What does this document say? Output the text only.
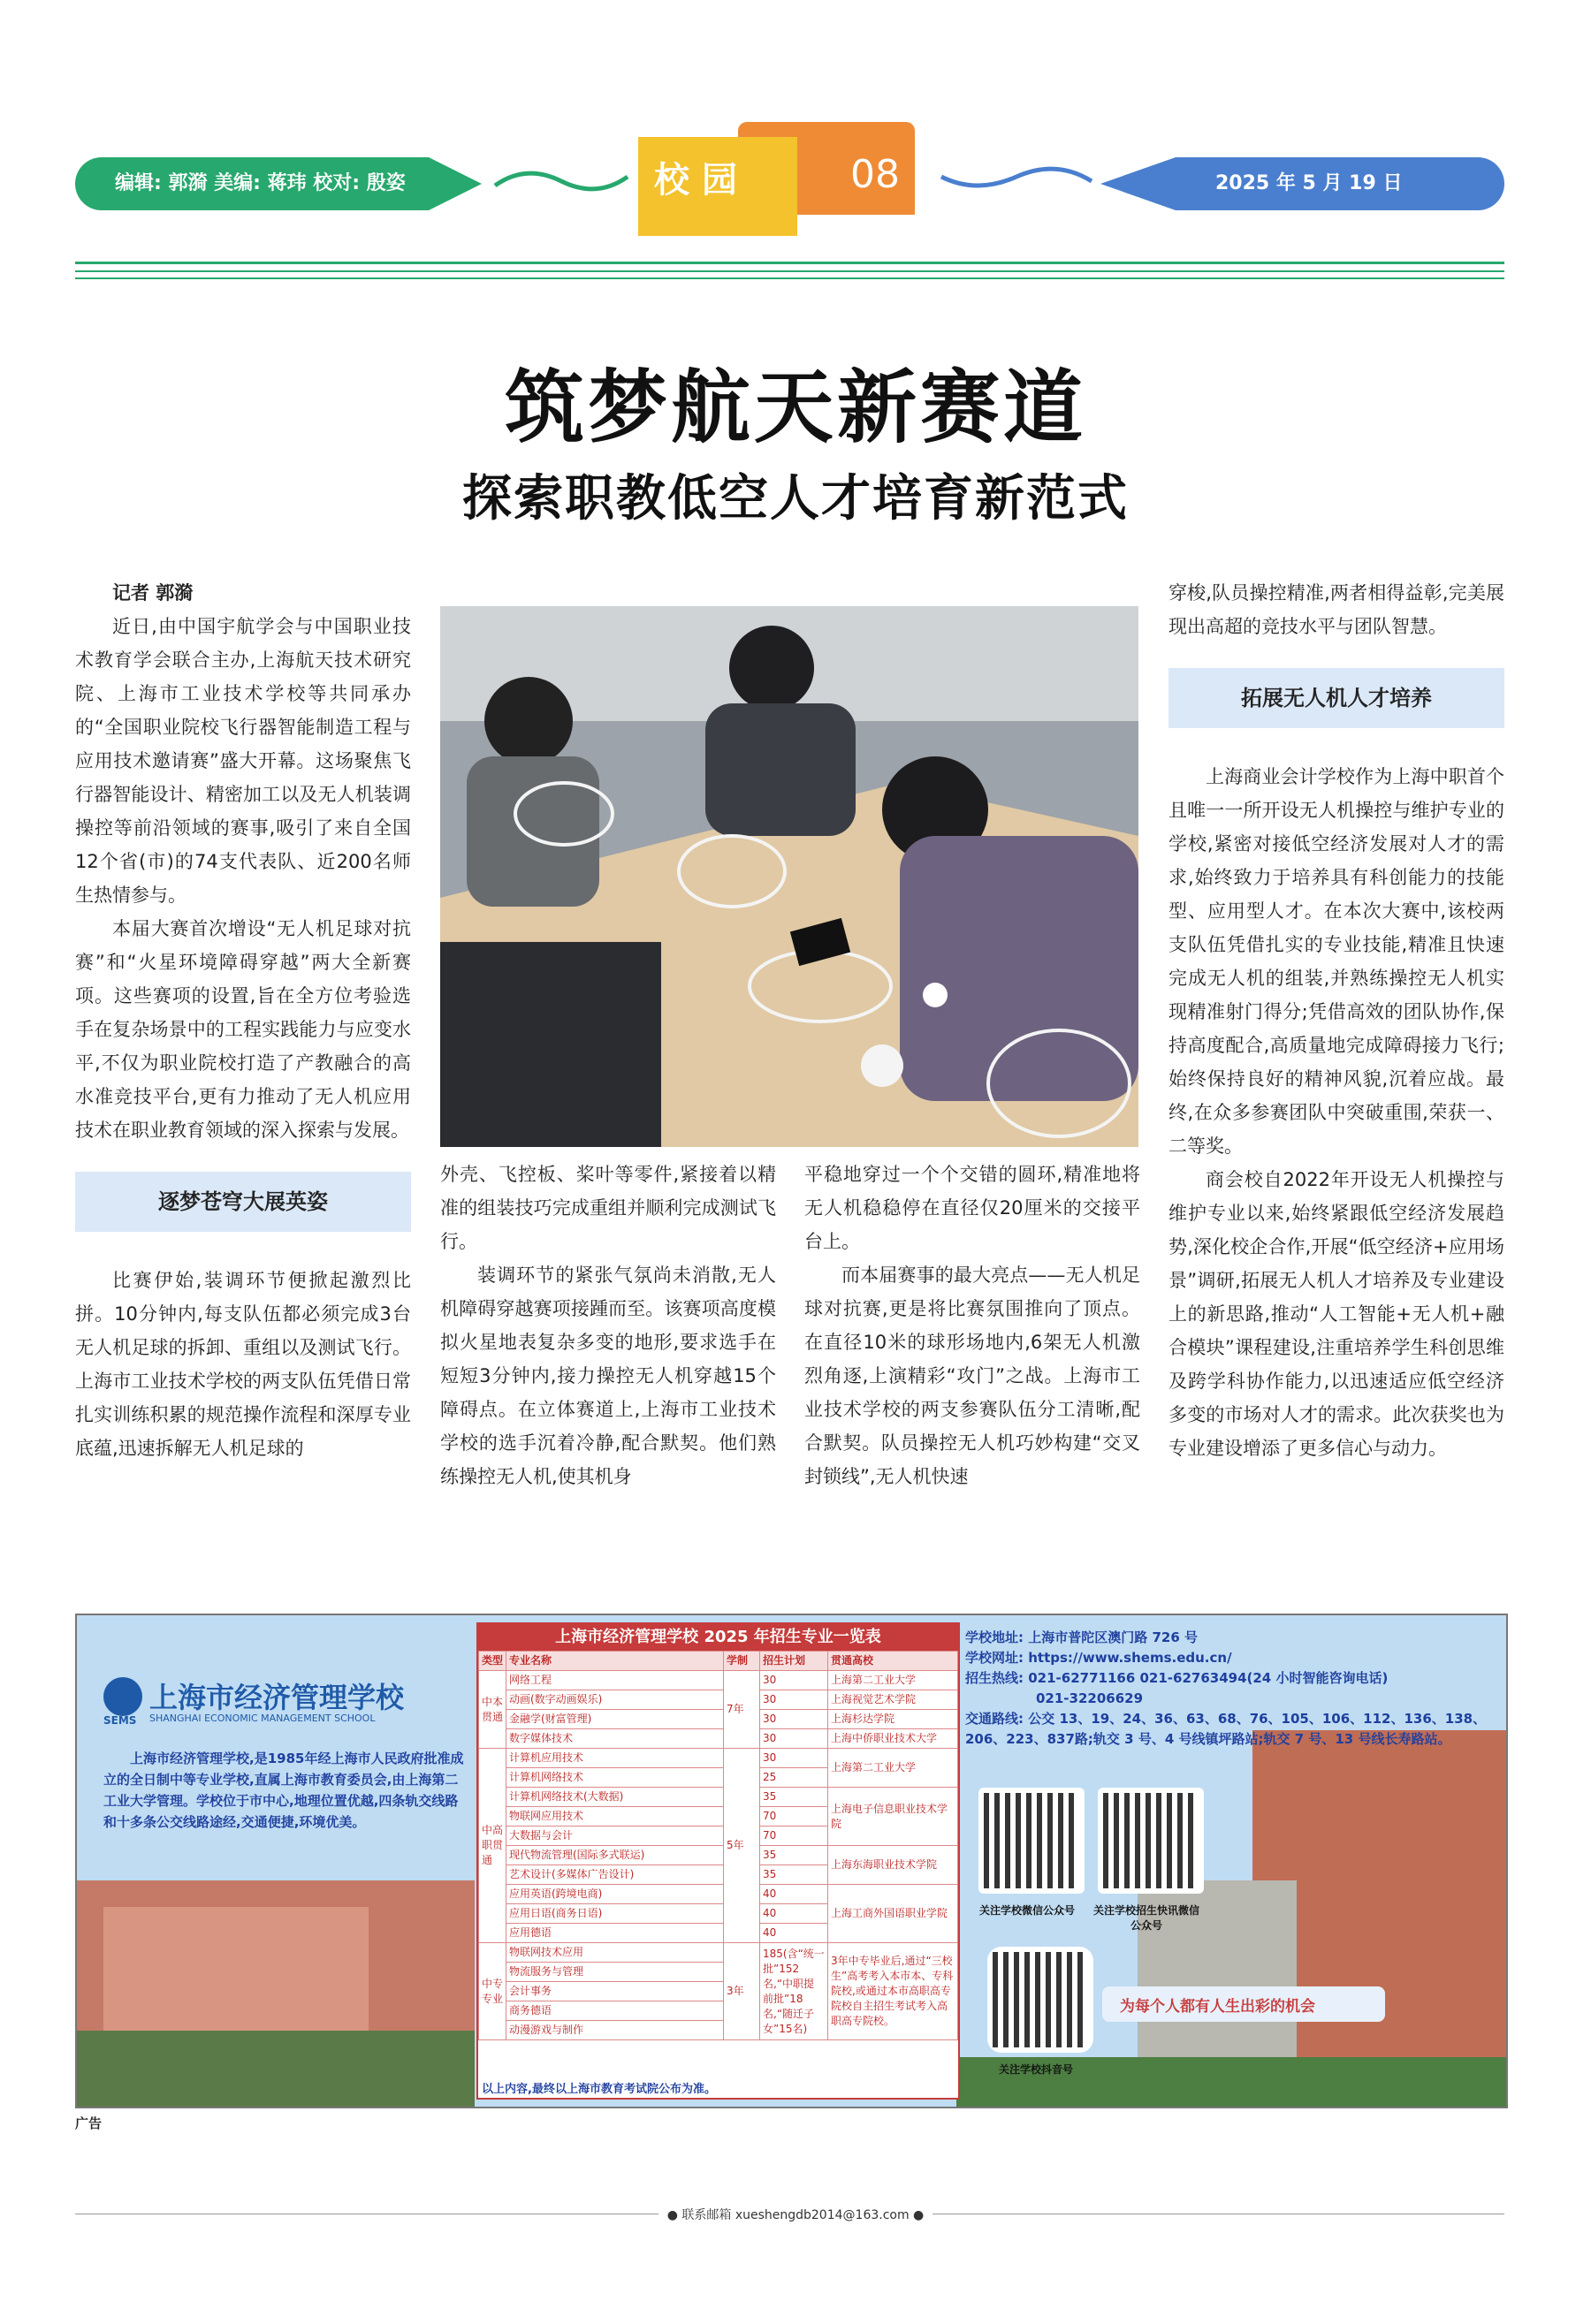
编辑: 郭漪 美编: 蒋玮 校对: 殷姿	校园	08	2025 年 5 月 19 日
筑梦航天新赛道
探索职教低空人才培育新范式

记者 郭漪

近日,由中国宇航学会与中国职业技术教育学会联合主办,上海航天技术研究院、上海市工业技术学校等共同承办的“全国职业院校飞行器智能制造工程与应用技术邀请赛”盛大开幕。这场聚焦飞行器智能设计、精密加工以及无人机装调操控等前沿领域的赛事,吸引了来自全国12个省(市)的74支代表队、近200名师生热情参与。

本届大赛首次增设“无人机足球对抗赛”和“火星环境障碍穿越”两大全新赛项。这些赛项的设置,旨在全方位考验选手在复杂场景中的工程实践能力与应变水平,不仅为职业院校打造了产教融合的高水准竞技平台,更有力推动了无人机应用技术在职业教育领域的深入探索与发展。

逐梦苍穹大展英姿

比赛伊始,装调环节便掀起激烈比拼。10分钟内,每支队伍都必须完成3台无人机足球的拆卸、重组以及测试飞行。上海市工业技术学校的两支队伍凭借日常扎实训练积累的规范操作流程和深厚专业底蕴,迅速拆解无人机足球的

外壳、飞控板、桨叶等零件,紧接着以精准的组装技巧完成重组并顺利完成测试飞行。

装调环节的紧张气氛尚未消散,无人机障碍穿越赛项接踵而至。该赛项高度模拟火星地表复杂多变的地形,要求选手在短短3分钟内,接力操控无人机穿越15个障碍点。在立体赛道上,上海市工业技术学校的选手沉着冷静,配合默契。他们熟练操控无人机,使其机身

平稳地穿过一个个交错的圆环,精准地将无人机稳稳停在直径仅20厘米的交接平台上。

而本届赛事的最大亮点——无人机足球对抗赛,更是将比赛氛围推向了顶点。在直径10米的球形场地内,6架无人机激烈角逐,上演精彩“攻门”之战。上海市工业技术学校的两支参赛队伍分工清晰,配合默契。队员操控无人机巧妙构建“交叉封锁线”,无人机快速

穿梭,队员操控精准,两者相得益彰,完美展现出高超的竞技水平与团队智慧。

拓展无人机人才培养

上海商业会计学校作为上海中职首个且唯一一所开设无人机操控与维护专业的学校,紧密对接低空经济发展对人才的需求,始终致力于培养具有科创能力的技能型、应用型人才。在本次大赛中,该校两支队伍凭借扎实的专业技能,精准且快速完成无人机的组装,并熟练操控无人机实现精准射门得分;凭借高效的团队协作,保持高度配合,高质量地完成障碍接力飞行;始终保持良好的精神风貌,沉着应战。最终,在众多参赛团队中突破重围,荣获一、二等奖。

商会校自2022年开设无人机操控与维护专业以来,始终紧跟低空经济发展趋势,深化校企合作,开展“低空经济+应用场景”调研,拓展无人机人才培养及专业建设上的新思路,推动“人工智能+无人机+融合模块”课程建设,注重培养学生科创思维及跨学科协作能力,以迅速适应低空经济多变的市场对人才的需求。此次获奖也为专业建设增添了更多信心与动力。

SEMS
上海市经济管理学校
SHANGHAI ECONOMIC MANAGEMENT SCHOOL
上海市经济管理学校,是1985年经上海市人民政府批准成立的全日制中等专业学校,直属上海市教育委员会,由上海第二工业大学管理。学校位于市中心,地理位置优越,四条轨交线路和十多条公交线路途经,交通便捷,环境优美。
上海市经济管理学校 2025 年招生专业一览表
类型	专业名称	学制	招生计划	贯通高校
中本贯通	网络工程	7年	30	上海第二工业大学
	动画(数字动画娱乐)		30	上海视觉艺术学院
	金融学(财富管理)		30	上海杉达学院
	数字媒体技术		30	上海中侨职业技术大学
中高职贯通	计算机应用技术	5年	30	上海第二工业大学
	计算机网络技术		25	
	计算机网络技术(大数据)		35	上海电子信息职业技术学院
	物联网应用技术		70	
	大数据与会计		70	
	现代物流管理(国际多式联运)		35	上海东海职业技术学院
	艺术设计(多媒体广告设计)		35	
	应用英语(跨境电商)		40	上海工商外国语职业学院
	应用日语(商务日语)		40	
	应用德语		40	
中专专业	物联网技术应用	3年	185(含“统一批”152名,“中职提前批”18名,“随迁子女”15名)	3年中专毕业后,通过“三校生”高考考入本市本、专科院校,或通过本市高职高专院校自主招生考试考入高职高专院校。
	物流服务与管理			
	会计事务			
	商务德语			
	动漫游戏与制作			
以上内容,最终以上海市教育考试院公布为准。
学校地址: 上海市普陀区澳门路 726 号
学校网址: https://www.shems.edu.cn/
招生热线: 021-62771166 021-62763494(24 小时智能咨询电话)
021-32206629
交通路线: 公交 13、19、24、36、63、68、76、105、106、112、136、138、206、223、837路;轨交 3 号、4 号线镇坪路站;轨交 7 号、13 号线长寿路站。
关注学校微信公众号	关注学校招生快讯微信公众号
关注学校抖音号
为每个人都有人生出彩的机会
广告
● 联系邮箱 xueshengdb2014@163.com ●
